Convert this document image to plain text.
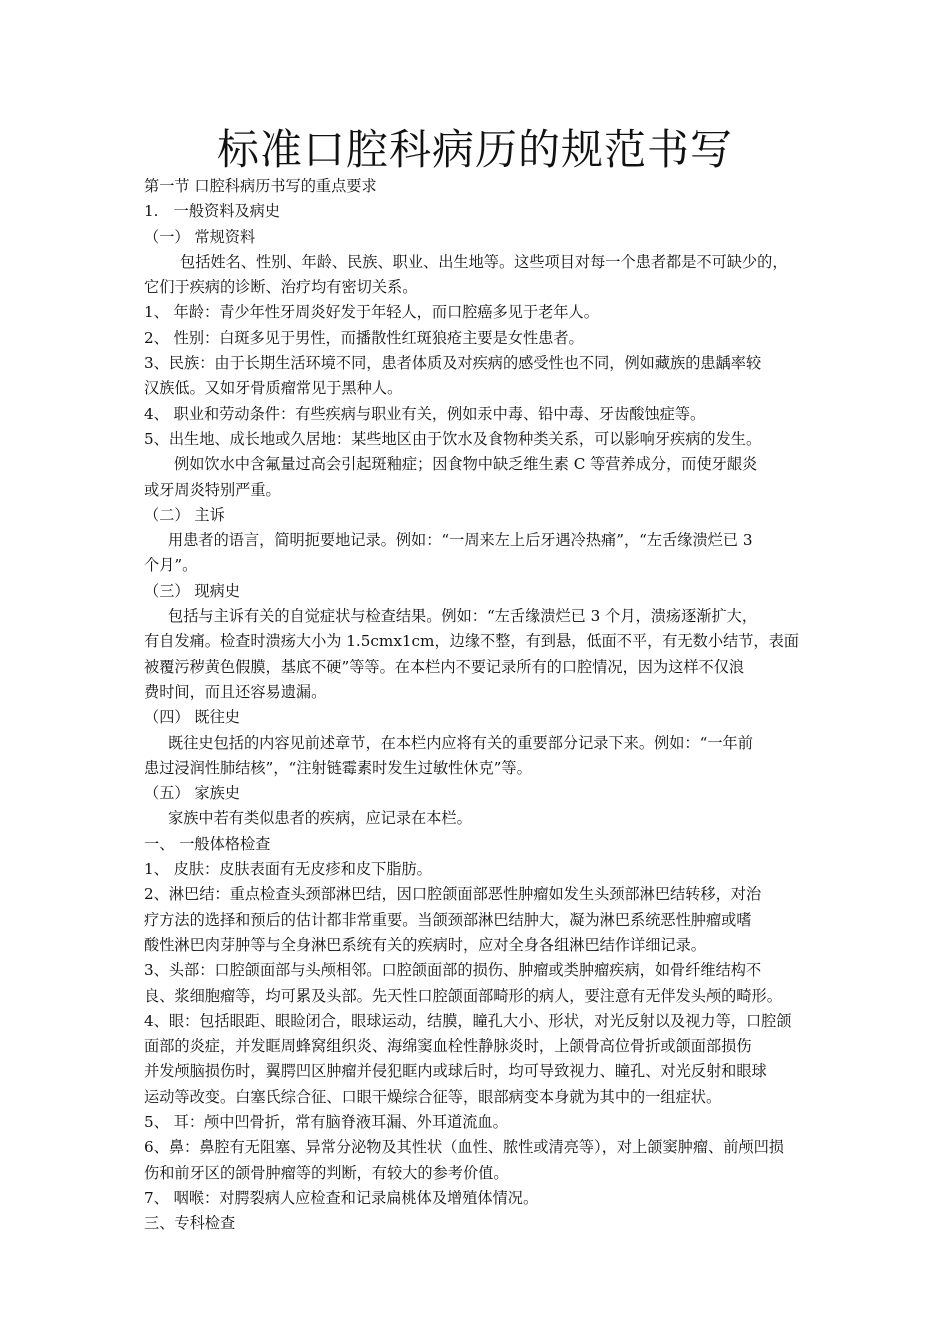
标准口腔科病历的规范书写

第一节 口腔科病历书写的重点要求

1.　一般资料及病史

（一） 常规资料

包括姓名、性别、年龄、民族、职业、出生地等。这些项目对每一个患者都是不可缺少的，

它们于疾病的诊断、治疗均有密切关系。

1、 年龄：青少年性牙周炎好发于年轻人，而口腔癌多见于老年人。

2、 性别：白斑多见于男性，而播散性红斑狼疮主要是女性患者。

3、民族：由于长期生活环境不同，患者体质及对疾病的感受性也不同，例如藏族的患龋率较

汉族低。又如牙骨质瘤常见于黑种人。

4、 职业和劳动条件：有些疾病与职业有关，例如汞中毒、铅中毒、牙齿酸蚀症等。

5、出生地、成长地或久居地：某些地区由于饮水及食物种类关系，可以影响牙疾病的发生。

例如饮水中含氟量过高会引起斑釉症；因食物中缺乏维生素 C 等营养成分，而使牙龈炎

或牙周炎特别严重。

（二） 主诉

用患者的语言，简明扼要地记录。例如：“一周来左上后牙遇冷热痛”，“左舌缘溃烂已 3

个月”。

（三） 现病史

包括与主诉有关的自觉症状与检查结果。例如：“左舌缘溃烂已 3 个月，溃疡逐渐扩大，

有自发痛。检查时溃疡大小为 1.5cmx1cm，边缘不整，有到悬，低面不平，有无数小结节，表面

被覆污秽黄色假膜，基底不硬”等等。在本栏内不要记录所有的口腔情况，因为这样不仅浪

费时间，而且还容易遗漏。

（四） 既往史

既往史包括的内容见前述章节，在本栏内应将有关的重要部分记录下来。例如：“一年前

患过浸润性肺结核”，“注射链霉素时发生过敏性休克”等。

（五） 家族史

家族中若有类似患者的疾病，应记录在本栏。

一、 一般体格检查

1、 皮肤：皮肤表面有无皮疹和皮下脂肪。

2、淋巴结：重点检查头颈部淋巴结，因口腔颌面部恶性肿瘤如发生头颈部淋巴结转移，对治

疗方法的选择和预后的估计都非常重要。当颌颈部淋巴结肿大，凝为淋巴系统恶性肿瘤或嗜

酸性淋巴肉芽肿等与全身淋巴系统有关的疾病时，应对全身各组淋巴结作详细记录。

3、头部：口腔颌面部与头颅相邻。口腔颌面部的损伤、肿瘤或类肿瘤疾病，如骨纤维结构不

良、浆细胞瘤等，均可累及头部。先天性口腔颌面部畸形的病人，要注意有无伴发头颅的畸形。

4、眼：包括眼距、眼睑闭合，眼球运动，结膜，瞳孔大小、形状，对光反射以及视力等，口腔颌

面部的炎症，并发眶周蜂窝组织炎、海绵窦血栓性静脉炎时，上颌骨高位骨折或颌面部损伤

并发颅脑损伤时，翼腭凹区肿瘤并侵犯眶内或球后时，均可导致视力、瞳孔、对光反射和眼球

运动等改变。白塞氏综合征、口眼干燥综合征等，眼部病变本身就为其中的一组症状。

5、 耳：颅中凹骨折，常有脑脊液耳漏、外耳道流血。

6、鼻：鼻腔有无阻塞、异常分泌物及其性状（血性、脓性或清亮等），对上颌窦肿瘤、前颅凹损

伤和前牙区的颌骨肿瘤等的判断，有较大的参考价值。

7、 咽喉：对腭裂病人应检查和记录扁桃体及增殖体情况。

三、专科检查
